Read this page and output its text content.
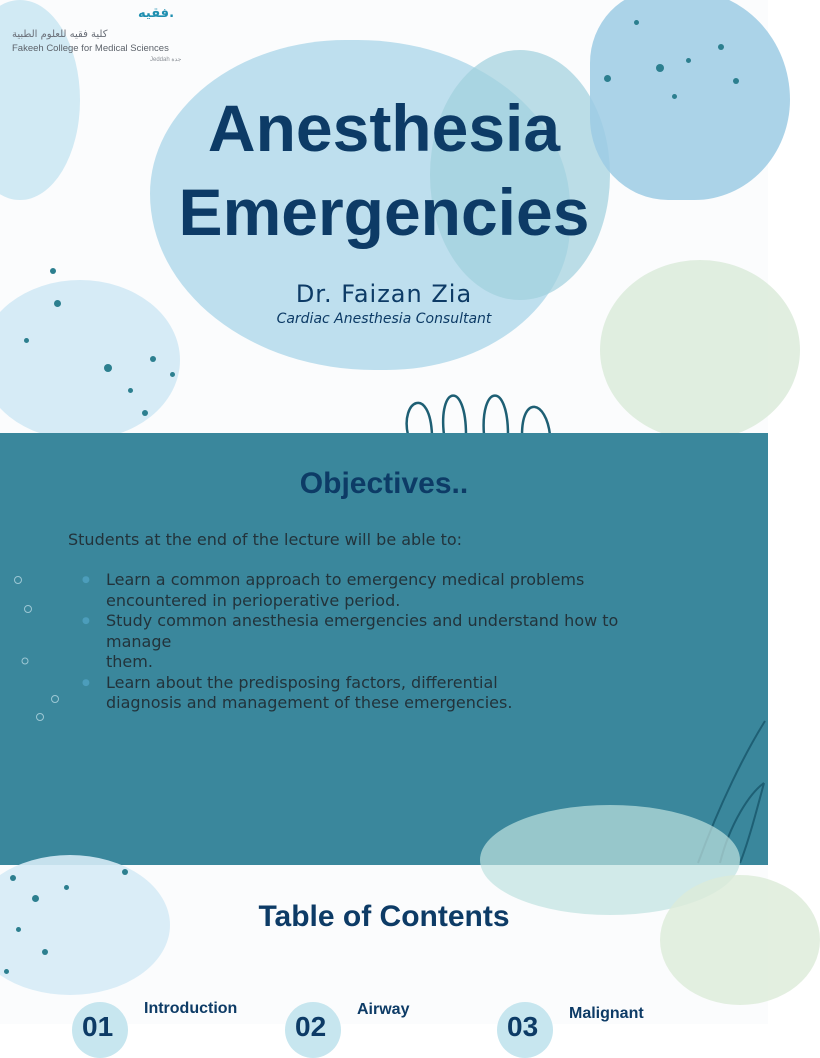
فقيه.
كلية فقيه للعلوم الطبية
Fakeeh College for Medical Sciences
Jeddah جدة
Anesthesia
Emergencies
Dr. Faizan Zia
Cardiac Anesthesia Consultant
Objectives..
Students at the end of the lecture will be able to:
● Learn a common approach to emergency medical problems
encountered in perioperative period.
● Study common anesthesia emergencies and understand how to
manage
them.
● Learn about the predisposing factors, differential
diagnosis and management of these emergencies.
Table of Contents
01
Introduction
02
Airway
03 Malignant
